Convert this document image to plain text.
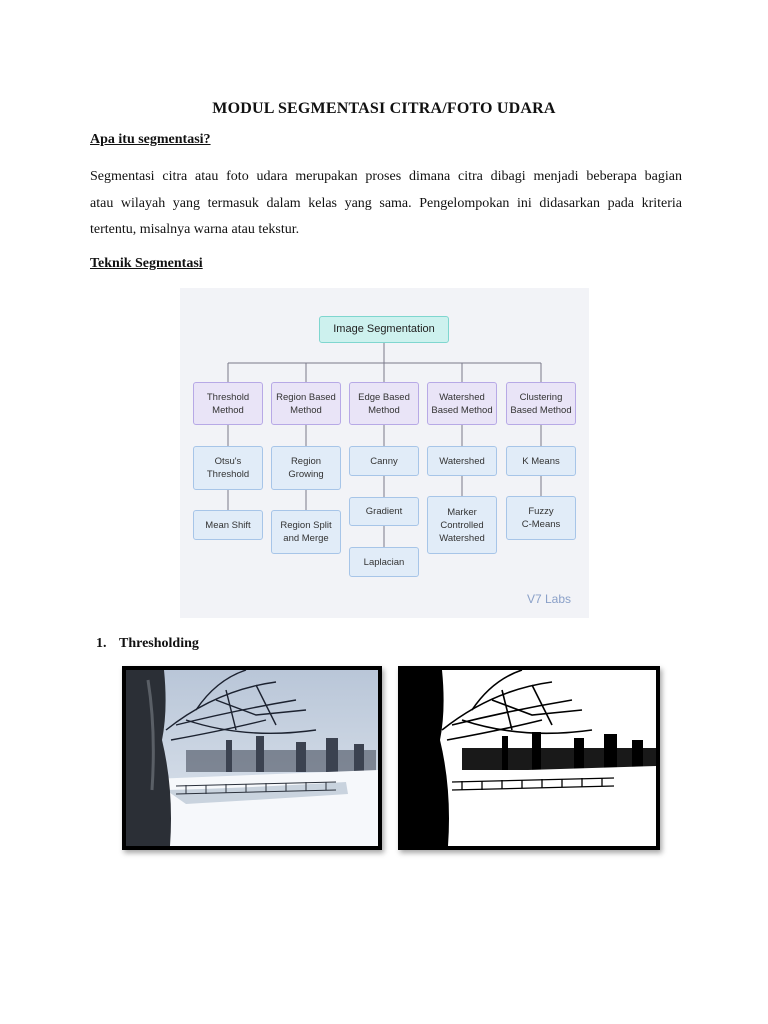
MODUL SEGMENTASI CITRA/FOTO UDARA
Apa itu segmentasi?
Segmentasi citra atau foto udara merupakan proses dimana citra dibagi menjadi beberapa bagian
atau wilayah yang termasuk dalam kelas yang sama. Pengelompokan ini didasarkan pada kriteria
tertentu, misalnya warna atau tekstur.
Teknik Segmentasi
Image Segmentation
Threshold
Method
Region Based
Method
Edge Based
Method
Watershed
Based Method
Clustering
Based Method
Otsu's
Threshold
Mean Shift
Region
Growing
Region Split
and Merge
Canny
Gradient
Laplacian
Watershed
Marker
Controlled
Watershed
K Means
Fuzzy
C-Means
V7 Labs
1. Thresholding
